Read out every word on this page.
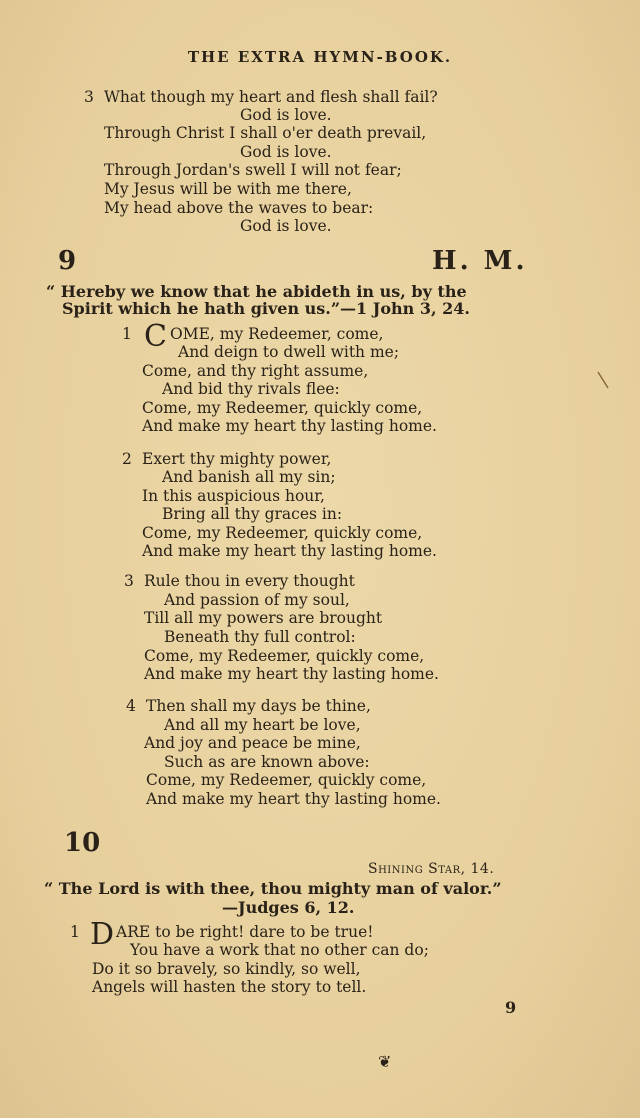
THE EXTRA HYMN-BOOK.
3 What though my heart and flesh shall fail?
God is love.
Through Christ I shall o'er death prevail,
God is love.
Through Jordan's swell I will not fear;
My Jesus will be with me there,
My head above the waves to bear:
God is love.
9	H. M.
“ Hereby we know that he abideth in us, by the
Spirit which he hath given us.”—1 John 3, 24.
1 C OME, my Redeemer, come,
And deign to dwell with me;
Come, and thy right assume,
And bid thy rivals flee:
Come, my Redeemer, quickly come,
And make my heart thy lasting home.
2 Exert thy mighty power,
And banish all my sin;
In this auspicious hour,
Bring all thy graces in:
Come, my Redeemer, quickly come,
And make my heart thy lasting home.
3 Rule thou in every thought
And passion of my soul,
Till all my powers are brought
Beneath thy full control:
Come, my Redeemer, quickly come,
And make my heart thy lasting home.
4 Then shall my days be thine,
And all my heart be love,
And joy and peace be mine,
Such as are known above:
Come, my Redeemer, quickly come,
And make my heart thy lasting home.
10
Shining Star, 14.
“ The Lord is with thee, thou mighty man of valor.”
—Judges 6, 12.
1 D ARE to be right! dare to be true!
You have a work that no other can do;
Do it so bravely, so kindly, so well,
Angels will hasten the story to tell.
9
❦
